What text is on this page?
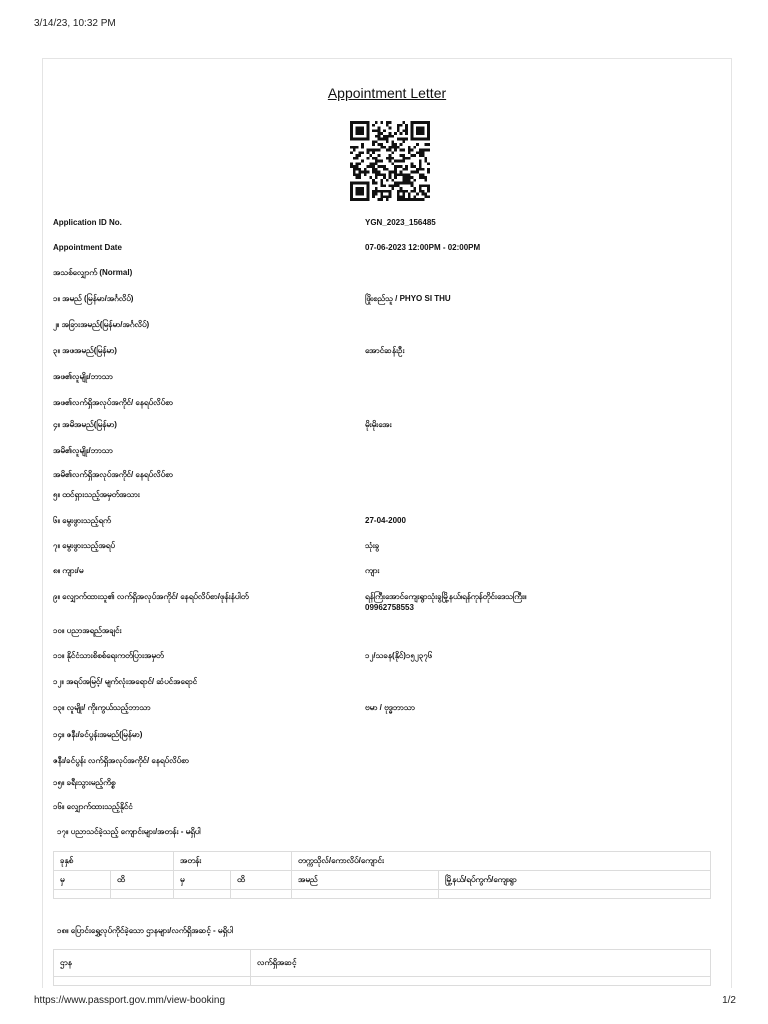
3/14/23, 10:32 PM
Appointment Letter
Application ID No.	YGN_2023_156485
Appointment Date	07-06-2023 12:00PM - 02:00PM
အသစ်လျှောက် (Normal)
၁။ အမည် (မြန်မာ/အင်္ဂလိပ်)	ဖြိုးစည်သူ / PHYO SI THU
၂။ အခြားအမည်(မြန်မာ/အင်္ဂလိပ်)
၃။ အဖအမည်(မြန်မာ)	အောင်ဆန်းဦး
အဖ၏လူမျိုး/ဘာသာ
အဖ၏လက်ရှိအလုပ်အကိုင်/ နေရပ်လိပ်စာ
၄။ အမိအမည်(မြန်မာ)	မိုးမိုးအေး
အမိ၏လူမျိုး/ဘာသာ
အမိ၏လက်ရှိအလုပ်အကိုင်/ နေရပ်လိပ်စာ
၅။ ထင်ရှားသည့်အမှတ်အသား
၆။ မွေးဖွားသည့်ရက်	27-04-2000
၇။ မွေးဖွားသည့်အရပ်	သုံးခွ
၈။ ကျား/မ	ကျား
၉။ လျှောက်ထားသူ၏ လက်ရှိအလုပ်အကိုင်/ နေရပ်လိပ်စာ/ဖုန်းနံပါတ်	ရန်ကြီးအောင်ကျေးရွာသုံးခွမြို့နယ်၊ရန်ကုန်တိုင်းဒေသကြီး။
09962758553
၁၀။ ပညာအရည်အချင်း
၁၁။ နိုင်ငံသားစိစစ်ရေးကတ်ပြားအမှတ်	၁၂/သခန(နိုင်)၁၅၂၃၇၆
၁၂။ အရပ်အမြင့်/ မျက်လုံးအရောင်/ ဆံပင်အရောင်
၁၃။ လူမျိုး/ ကိုးကွယ်သည့်ဘာသာ	ဗမာ / ဗုဒ္ဓဘာသာ
၁၄။ ဇနီး/ခင်ပွန်းအမည်(မြန်မာ)
ဇနီး/ခင်ပွန်း လက်ရှိအလုပ်အကိုင်/ နေရပ်လိပ်စာ
၁၅။ ခရီးသွားမည့်ကိစ္စ
၁၆။ လျှောက်ထားသည့်နိုင်ငံ
၁၇။ ပညာသင်ခဲ့သည့် ကျောင်းများ/အတန်း - မရှိပါ
ခုနှစ်		အတန်း		တက္ကသိုလ်/ကောလိပ်/ကျောင်း	
မှ	ထိ	မှ	ထိ	အမည်	မြို့နယ်/ရပ်ကွက်/ကျေးရွာ

၁၈။ ပြောင်းရွှေ့လုပ်ကိုင်ခဲ့သော ဌာနများ/လက်ရှိအဆင့် - မရှိပါ
ဌာန	လက်ရှိအဆင့်

https://www.passport.gov.mm/view-booking	1/2
